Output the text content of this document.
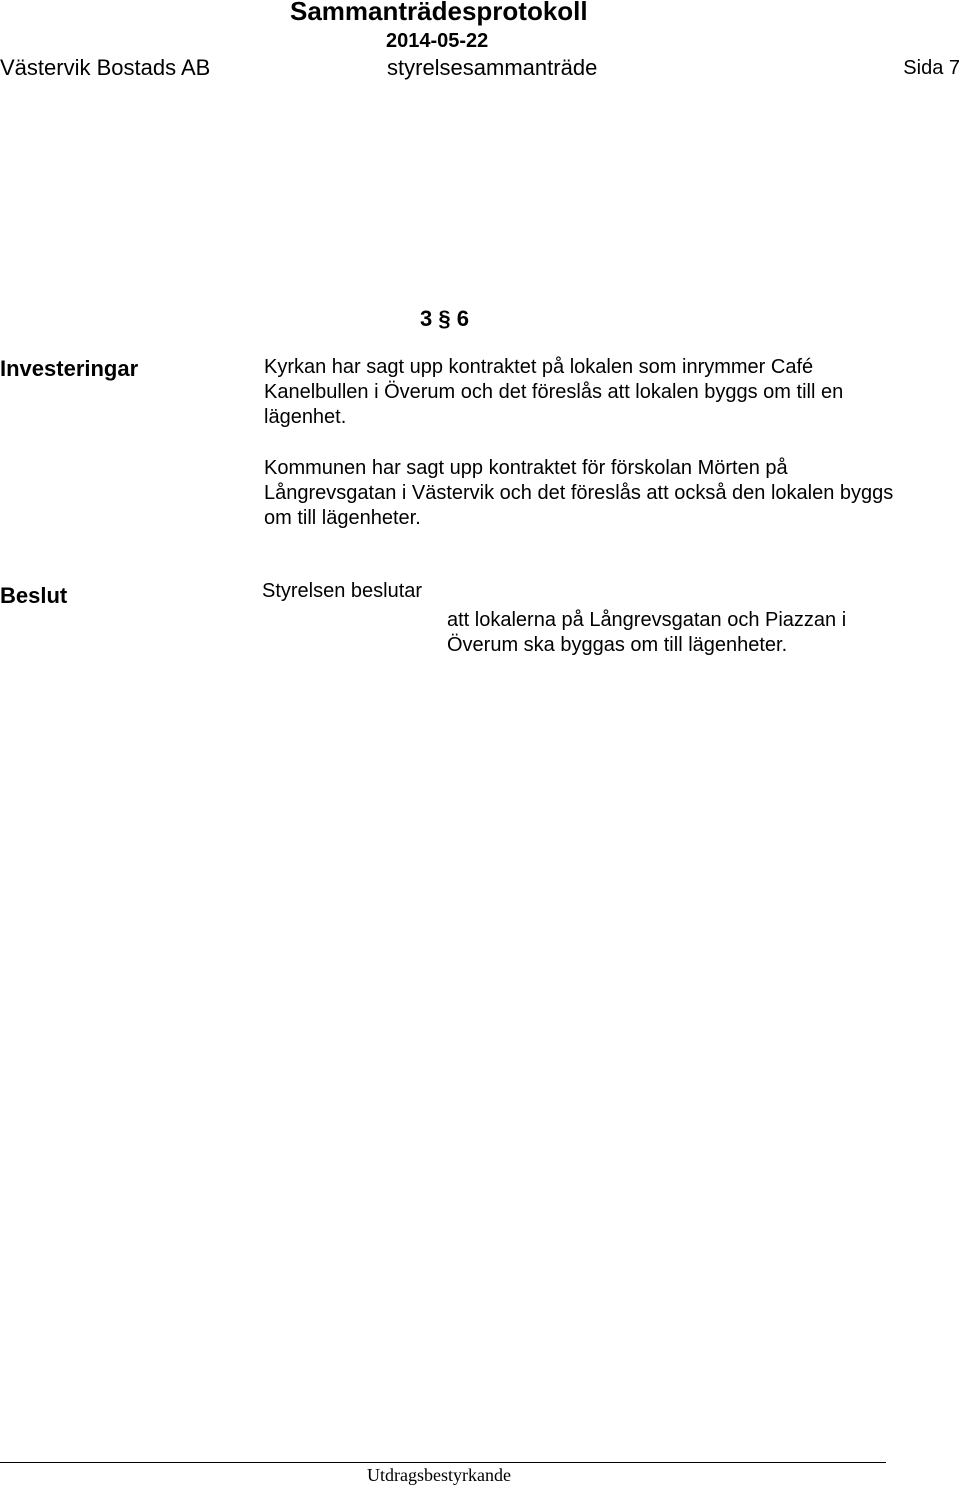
Sammanträdesprotokoll
2014-05-22
Västervik Bostads AB	styrelsesammanträde	Sida 7
3 § 6
Investeringar	Kyrkan har sagt upp kontraktet på lokalen som inrymmer Café Kanelbullen i Överum och det föreslås att lokalen byggs om till en lägenhet.
Kommunen har sagt upp kontraktet för förskolan Mörten på Långrevsgatan i Västervik och det föreslås att också den lokalen byggs om till lägenheter.
Beslut	Styrelsen beslutar
att lokalerna på Långrevsgatan och Piazzan i Överum ska byggas om till lägenheter.
Utdragsbestyrkande
